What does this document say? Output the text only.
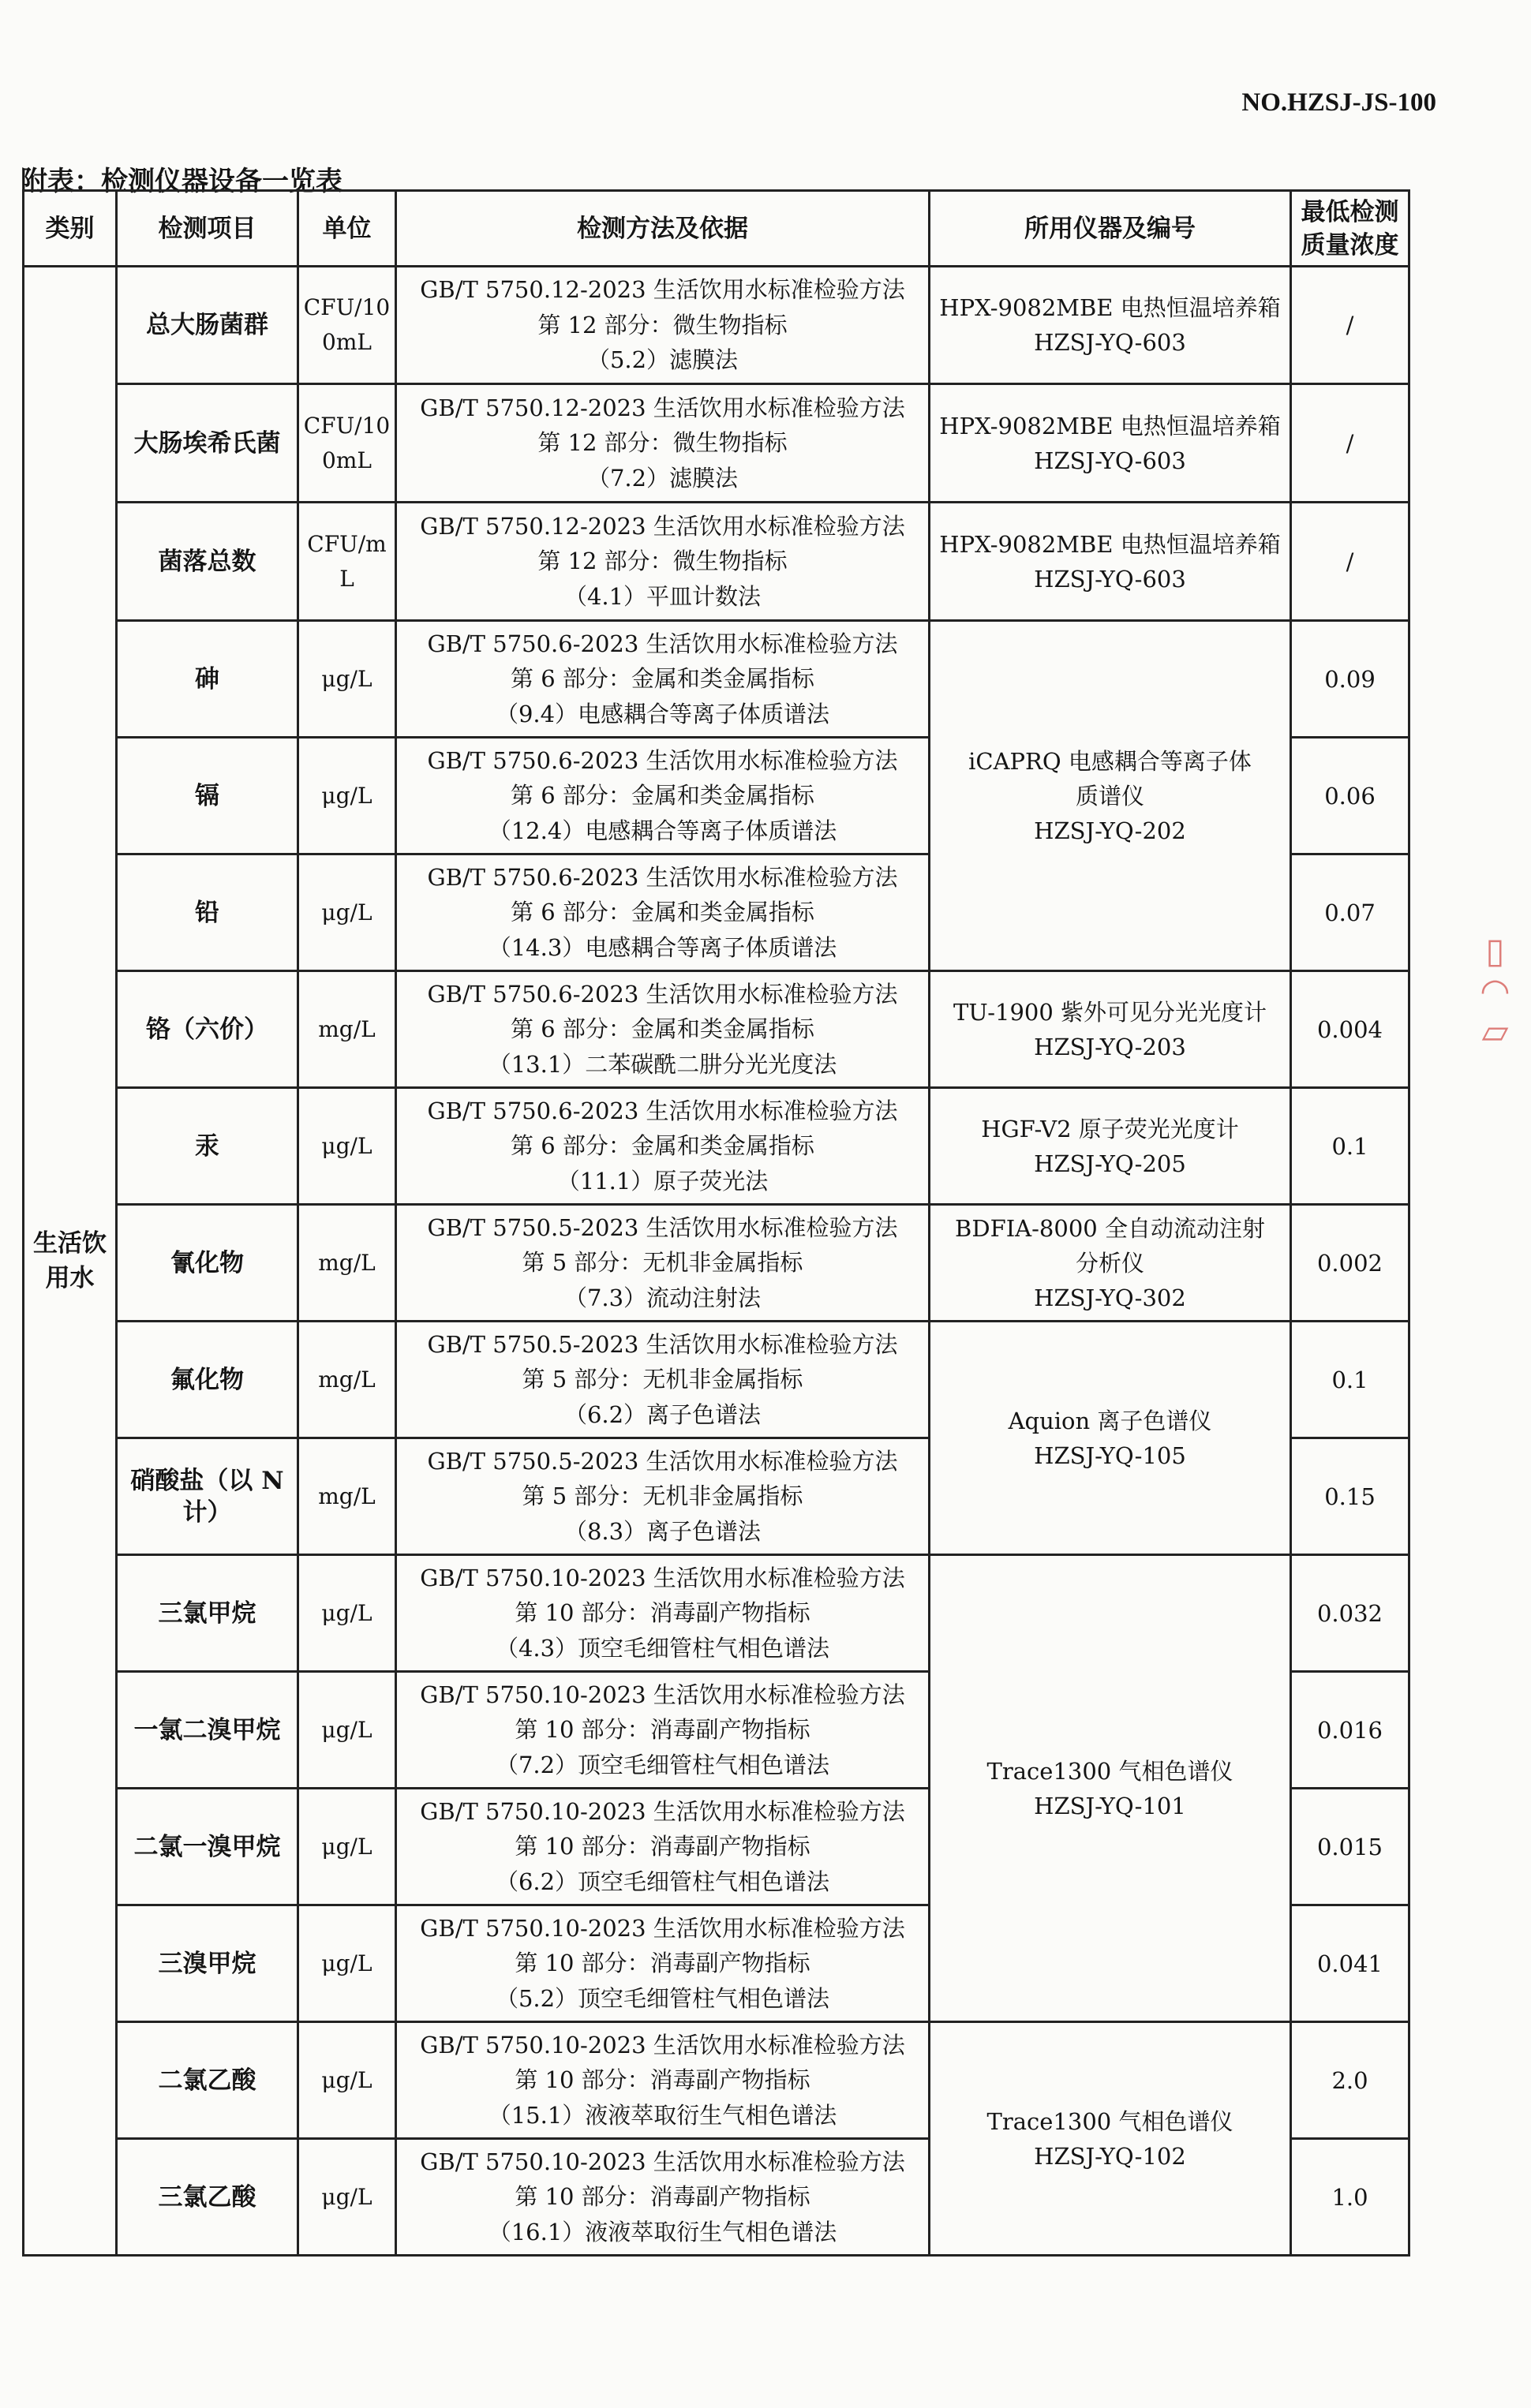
NO.HZSJ-JS-100
附表：检测仪器设备一览表
类别	检测项目	单位	检测方法及依据	所用仪器及编号	最低检测质量浓度
生活饮用水	总大肠菌群	CFU/100mL	GB/T 5750.12-2023 生活饮用水标准检验方法
第 12 部分：微生物指标
（5.2）滤膜法	HPX-9082MBE 电热恒温培养箱
HZSJ-YQ-603	/
	大肠埃希氏菌	CFU/100mL	GB/T 5750.12-2023 生活饮用水标准检验方法
第 12 部分：微生物指标
（7.2）滤膜法	HPX-9082MBE 电热恒温培养箱
HZSJ-YQ-603	/
	菌落总数	CFU/mL	GB/T 5750.12-2023 生活饮用水标准检验方法
第 12 部分：微生物指标
（4.1）平皿计数法	HPX-9082MBE 电热恒温培养箱
HZSJ-YQ-603	/
	砷	μg/L	GB/T 5750.6-2023 生活饮用水标准检验方法
第 6 部分：金属和类金属指标
（9.4）电感耦合等离子体质谱法	iCAPRQ 电感耦合等离子体
质谱仪
HZSJ-YQ-202	0.09
	镉	μg/L	GB/T 5750.6-2023 生活饮用水标准检验方法
第 6 部分：金属和类金属指标
（12.4）电感耦合等离子体质谱法		0.06
	铅	μg/L	GB/T 5750.6-2023 生活饮用水标准检验方法
第 6 部分：金属和类金属指标
（14.3）电感耦合等离子体质谱法		0.07
	铬（六价）	mg/L	GB/T 5750.6-2023 生活饮用水标准检验方法
第 6 部分：金属和类金属指标
（13.1）二苯碳酰二肼分光光度法	TU-1900 紫外可见分光光度计
HZSJ-YQ-203	0.004
	汞	μg/L	GB/T 5750.6-2023 生活饮用水标准检验方法
第 6 部分：金属和类金属指标
（11.1）原子荧光法	HGF-V2 原子荧光光度计
HZSJ-YQ-205	0.1
	氰化物	mg/L	GB/T 5750.5-2023 生活饮用水标准检验方法
第 5 部分：无机非金属指标
（7.3）流动注射法	BDFIA-8000 全自动流动注射
分析仪
HZSJ-YQ-302	0.002
	氟化物	mg/L	GB/T 5750.5-2023 生活饮用水标准检验方法
第 5 部分：无机非金属指标
（6.2）离子色谱法	Aquion 离子色谱仪
HZSJ-YQ-105	0.1
	硝酸盐（以 N 计）	mg/L	GB/T 5750.5-2023 生活饮用水标准检验方法
第 5 部分：无机非金属指标
（8.3）离子色谱法		0.15
	三氯甲烷	μg/L	GB/T 5750.10-2023 生活饮用水标准检验方法
第 10 部分：消毒副产物指标
（4.3）顶空毛细管柱气相色谱法	Trace1300 气相色谱仪
HZSJ-YQ-101	0.032
	一氯二溴甲烷	μg/L	GB/T 5750.10-2023 生活饮用水标准检验方法
第 10 部分：消毒副产物指标
（7.2）顶空毛细管柱气相色谱法		0.016
	二氯一溴甲烷	μg/L	GB/T 5750.10-2023 生活饮用水标准检验方法
第 10 部分：消毒副产物指标
（6.2）顶空毛细管柱气相色谱法		0.015
	三溴甲烷	μg/L	GB/T 5750.10-2023 生活饮用水标准检验方法
第 10 部分：消毒副产物指标
（5.2）顶空毛细管柱气相色谱法		0.041
	二氯乙酸	μg/L	GB/T 5750.10-2023 生活饮用水标准检验方法
第 10 部分：消毒副产物指标
（15.1）液液萃取衍生气相色谱法	Trace1300 气相色谱仪
HZSJ-YQ-102	2.0
	三氯乙酸	μg/L	GB/T 5750.10-2023 生活饮用水标准检验方法
第 10 部分：消毒副产物指标
（16.1）液液萃取衍生气相色谱法		1.0
▯◠▱
